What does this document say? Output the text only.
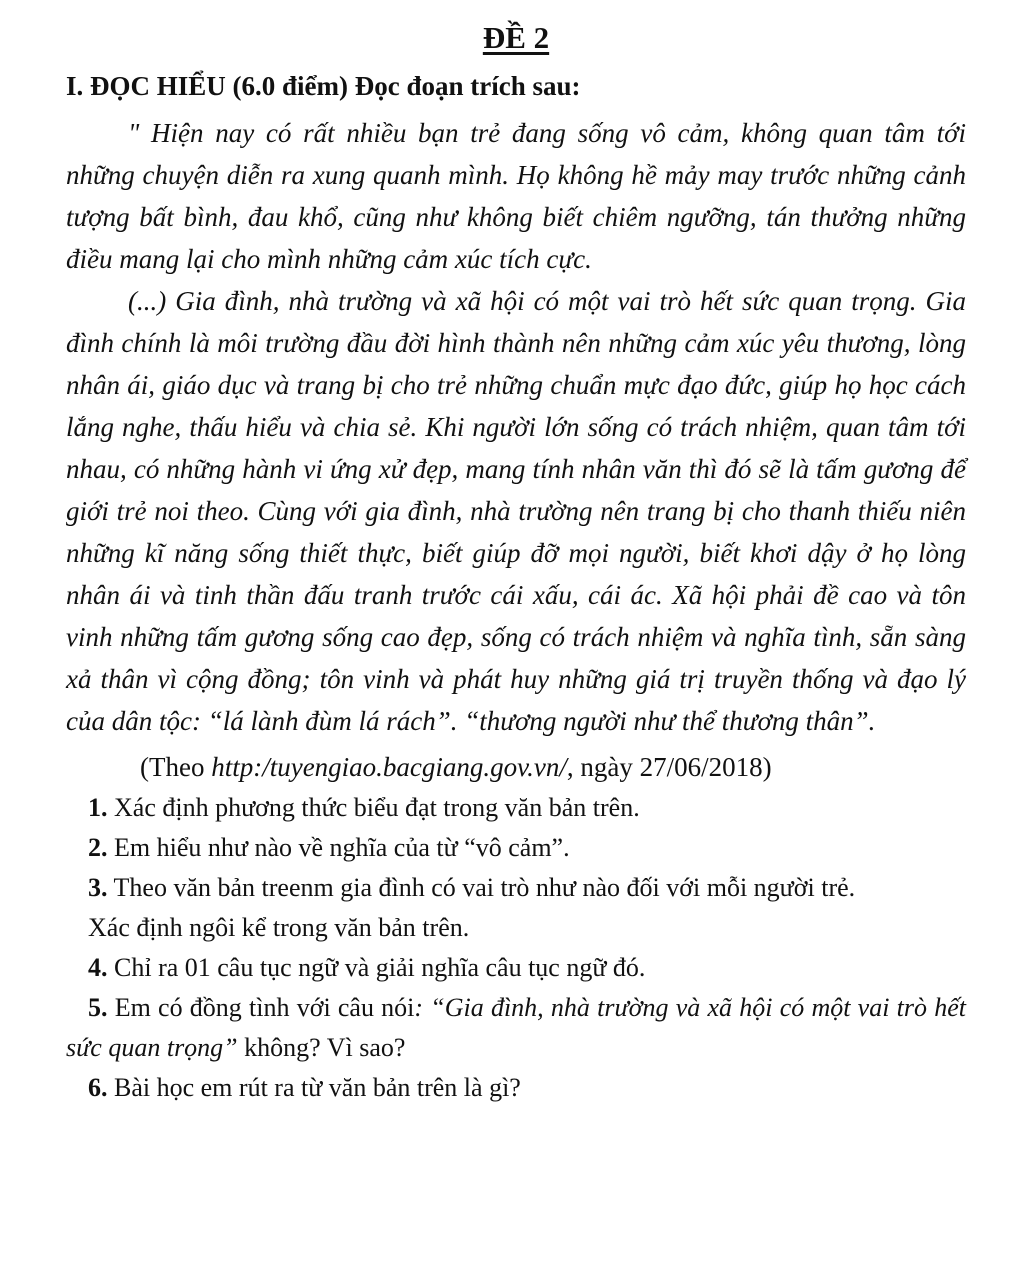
ĐỀ 2
I. ĐỌC HIỂU (6.0 điểm) Đọc đoạn trích sau:

" Hiện nay có rất nhiều bạn trẻ đang sống vô cảm, không quan tâm tới những chuyện diễn ra xung quanh mình. Họ không hề mảy may trước những cảnh tượng bất bình, đau khổ, cũng như không biết chiêm ngưỡng, tán thưởng những điều mang lại cho mình những cảm xúc tích cực.

(...) Gia đình, nhà trường và xã hội có một vai trò hết sức quan trọng. Gia đình chính là môi trường đầu đời hình thành nên những cảm xúc yêu thương, lòng nhân ái, giáo dục và trang bị cho trẻ những chuẩn mực đạo đức, giúp họ học cách lắng nghe, thấu hiểu và chia sẻ. Khi người lớn sống có trách nhiệm, quan tâm tới nhau, có những hành vi ứng xử đẹp, mang tính nhân văn thì đó sẽ là tấm gương để giới trẻ noi theo. Cùng với gia đình, nhà trường nên trang bị cho thanh thiếu niên những kĩ năng sống thiết thực, biết giúp đỡ mọi người, biết khơi dậy ở họ lòng nhân ái và tinh thần đấu tranh trước cái xấu, cái ác. Xã hội phải đề cao và tôn vinh những tấm gương sống cao đẹp, sống có trách nhiệm và nghĩa tình, sẵn sàng xả thân vì cộng đồng; tôn vinh và phát huy những giá trị truyền thống và đạo lý của dân tộc: “lá lành đùm lá rách”. “thương người như thể thương thân”.

(Theo http:/tuyengiao.bacgiang.gov.vn/, ngày 27/06/2018)

1. Xác định phương thức biểu đạt trong văn bản trên.

2. Em hiểu như nào về nghĩa của từ “vô cảm”.

3. Theo văn bản treenm gia đình có vai trò như nào đối với mỗi người trẻ.

Xác định ngôi kể trong văn bản trên.

4. Chỉ ra 01 câu tục ngữ và giải nghĩa câu tục ngữ đó.

5. Em có đồng tình với câu nói: “Gia đình, nhà trường và xã hội có một vai trò hết sức quan trọng” không? Vì sao?

6. Bài học em rút ra từ văn bản trên là gì?
